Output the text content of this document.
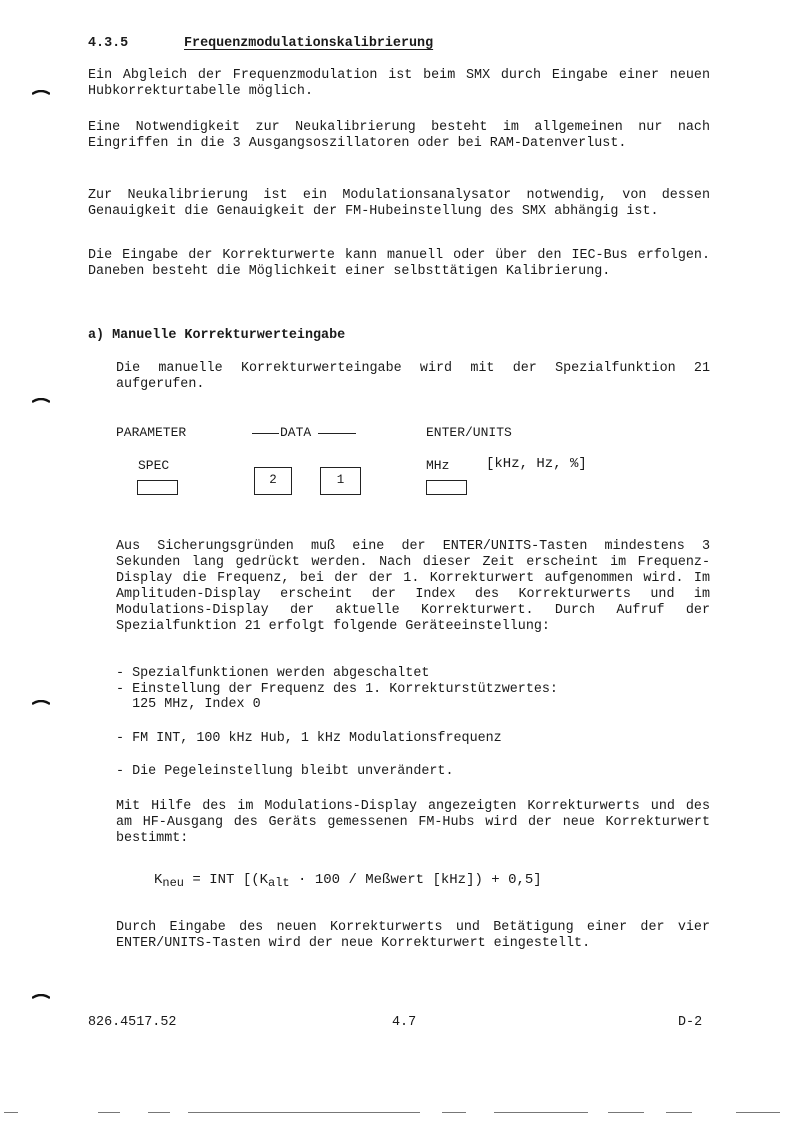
4.3.5	Frequenzmodulationskalibrierung
Ein Abgleich der Frequenzmodulation ist beim SMX durch Eingabe einer neuen Hubkorrekturtabelle möglich.
Eine Notwendigkeit zur Neukalibrierung besteht im allgemeinen nur nach Eingriffen in die 3 Ausgangsoszillatoren oder bei RAM-Datenverlust.
Zur Neukalibrierung ist ein Modulationsanalysator notwendig, von dessen Genauigkeit die Genauigkeit der FM-Hubeinstellung des SMX abhängig ist.
Die Eingabe der Korrekturwerte kann manuell oder über den IEC-Bus erfolgen. Daneben besteht die Möglichkeit einer selbsttätigen Kalibrierung.
a) Manuelle Korrekturwerteingabe
Die manuelle Korrekturwerteingabe wird mit der Spezialfunktion 21 aufgerufen.
PARAMETER	DATA	ENTER/UNITS
SPEC
2	1
MHz	[kHz, Hz, %]
Aus Sicherungsgründen muß eine der ENTER/UNITS-Tasten mindestens 3 Sekunden lang gedrückt werden. Nach dieser Zeit erscheint im Frequenz-Display die Frequenz, bei der der 1. Korrekturwert aufgenommen wird. Im Amplituden-Display erscheint der Index des Korrekturwerts und im Modulations-Display der aktuelle Korrekturwert. Durch Aufruf der Spezialfunktion 21 erfolgt folgende Geräteeinstellung:
- Spezialfunktionen werden abgeschaltet
- Einstellung der Frequenz des 1. Korrekturstützwertes:
125 MHz, Index 0
- FM INT, 100 kHz Hub, 1 kHz Modulationsfrequenz
- Die Pegeleinstellung bleibt unverändert.
Mit Hilfe des im Modulations-Display angezeigten Korrekturwerts und des am HF-Ausgang des Geräts gemessenen FM-Hubs wird der neue Korrekturwert bestimmt:
$K_{neu}$ = INT [($K_{alt} \cdot 100$ / Meßwert [kHz]) + 0,5]
Durch Eingabe des neuen Korrekturwerts und Betätigung einer der vier ENTER/UNITS-Tasten wird der neue Korrekturwert eingestellt.
826.4517.52	4.7	D-2
